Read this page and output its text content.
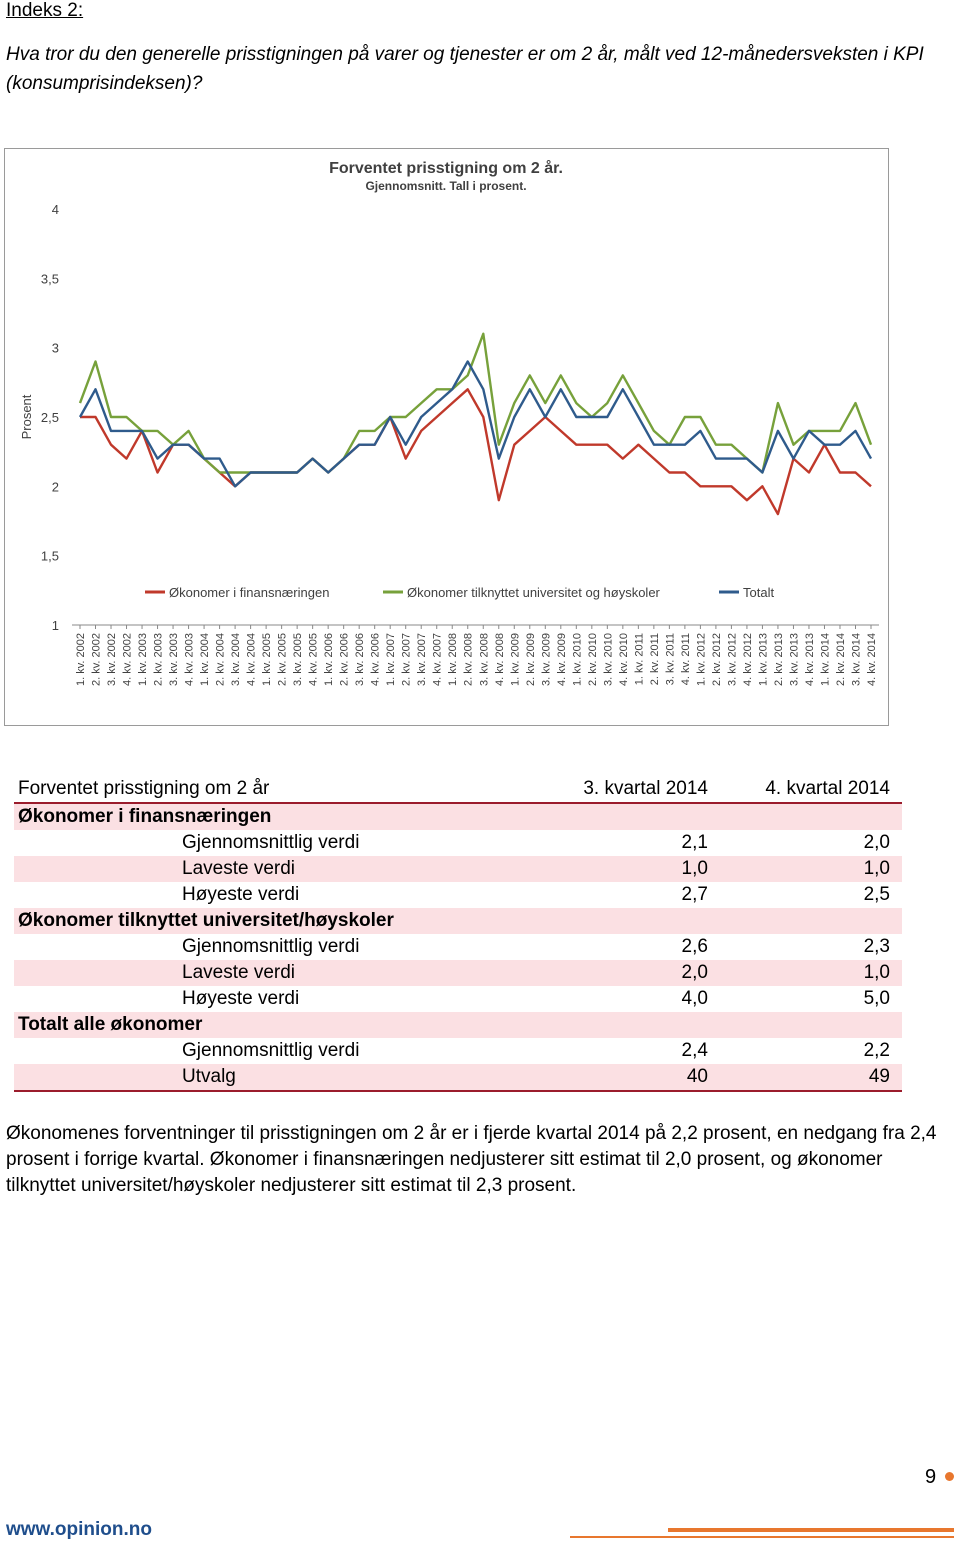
Indeks 2:
Hva tror du den generelle prisstigningen på varer og tjenester er om 2 år, målt ved 12-månedersveksten i KPI (konsumprisindeksen)?
Forventet prisstigning om 2 år.
Gjennomsnitt. Tall i prosent.
Prosent
1
1,5
2
2,5
3
3,5
4
1. kv. 2002 2. kv. 2002 3. kv. 2002 4. kv. 2002 1. kv. 2003 2. kv. 2003 3. kv. 2003 4. kv. 2003 1. kv. 2004 2. kv. 2004 3. kv. 2004 4. kv. 2004 1. kv. 2005 2. kv. 2005 3. kv. 2005 4. kv. 2005 1. kv. 2006 2. kv. 2006 3. kv. 2006 4. kv. 2006 1. kv. 2007 2. kv. 2007 3. kv. 2007 4. kv. 2007 1. kv. 2008 2. kv. 2008 3. kv. 2008 4. kv. 2008 1. kv. 2009 2. kv. 2009 3. kv. 2009 4. kv. 2009 1. kv. 2010 2. kv. 2010 3. kv. 2010 4. kv. 2010 1. kv. 2011 2. kv. 2011 3. kv. 2011 4. kv. 2011 1. kv. 2012 2. kv. 2012 3. kv. 2012 4. kv. 2012 1. kv. 2013 2. kv. 2013 3. kv. 2013 4. kv. 2013 1. kv. 2014 2. kv. 2014 3. kv. 2014 4. kv. 2014
Økonomer i finansnæringen	Økonomer tilknyttet universitet og høyskoler	Totalt
Forventet prisstigning om 2 år	3. kvartal 2014	4. kvartal 2014
Økonomer i finansnæringen		
Gjennomsnittlig verdi	2,1	2,0
Laveste verdi	1,0	1,0
Høyeste verdi	2,7	2,5
Økonomer tilknyttet universitet/høyskoler		
Gjennomsnittlig verdi	2,6	2,3
Laveste verdi	2,0	1,0
Høyeste verdi	4,0	5,0
Totalt alle økonomer		
Gjennomsnittlig verdi	2,4	2,2
Utvalg	40	49
Økonomenes forventninger til prisstigningen om 2 år er i fjerde kvartal 2014 på 2,2 prosent, en nedgang fra 2,4 prosent i forrige kvartal. Økonomer i finansnæringen nedjusterer sitt estimat til 2,0 prosent, og økonomer tilknyttet universitet/høyskoler nedjusterer sitt estimat til 2,3 prosent.
9
www.opinion.no
